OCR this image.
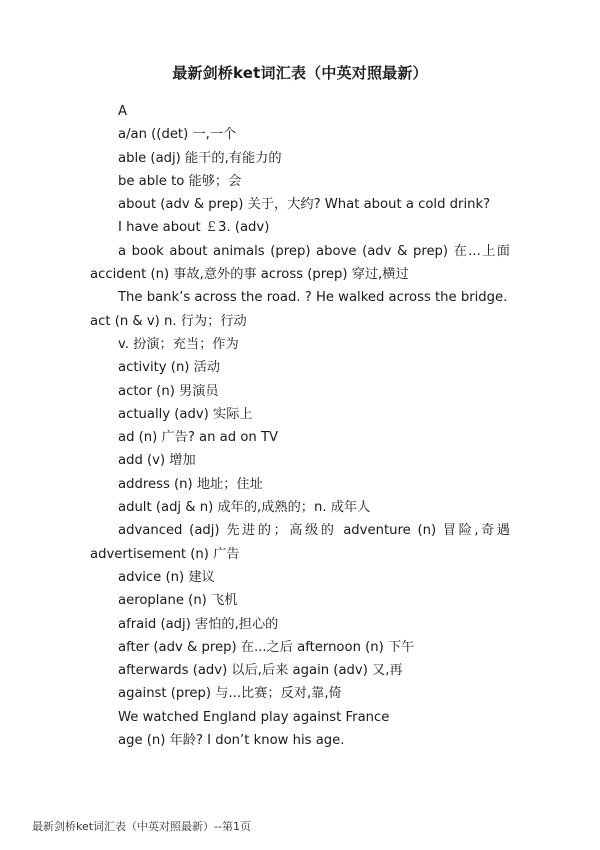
最新剑桥ket词汇表（中英对照最新）
A
a/an ((det) 一,一个
able (adj) 能干的,有能力的
be able to 能够；会
about (adv & prep) 关于，大约? What about a cold drink?
I have about ￡3. (adv)
a book about animals (prep) above (adv & prep) 在...上面
accident (n) 事故,意外的事 across (prep) 穿过,横过
The bank’s across the road. ? He walked across the bridge.
act (n & v) n. 行为；行动
v. 扮演；充当；作为
activity (n) 活动
actor (n) 男演员
actually (adv) 实际上
ad (n) 广告? an ad on TV
add (v) 增加
address (n) 地址；住址
adult (adj & n) 成年的,成熟的；n. 成年人
advanced (adj) 先进的；高级的 adventure (n) 冒险,奇遇
advertisement (n) 广告
advice (n) 建议
aeroplane (n) 飞机
afraid (adj) 害怕的,担心的
after (adv & prep) 在...之后 afternoon (n) 下午
afterwards (adv) 以后,后来 again (adv) 又,再
against (prep) 与...比赛；反对,靠,倚
We watched England play against France
age (n) 年龄? I don’t know his age.
最新剑桥ket词汇表（中英对照最新）--第1页
